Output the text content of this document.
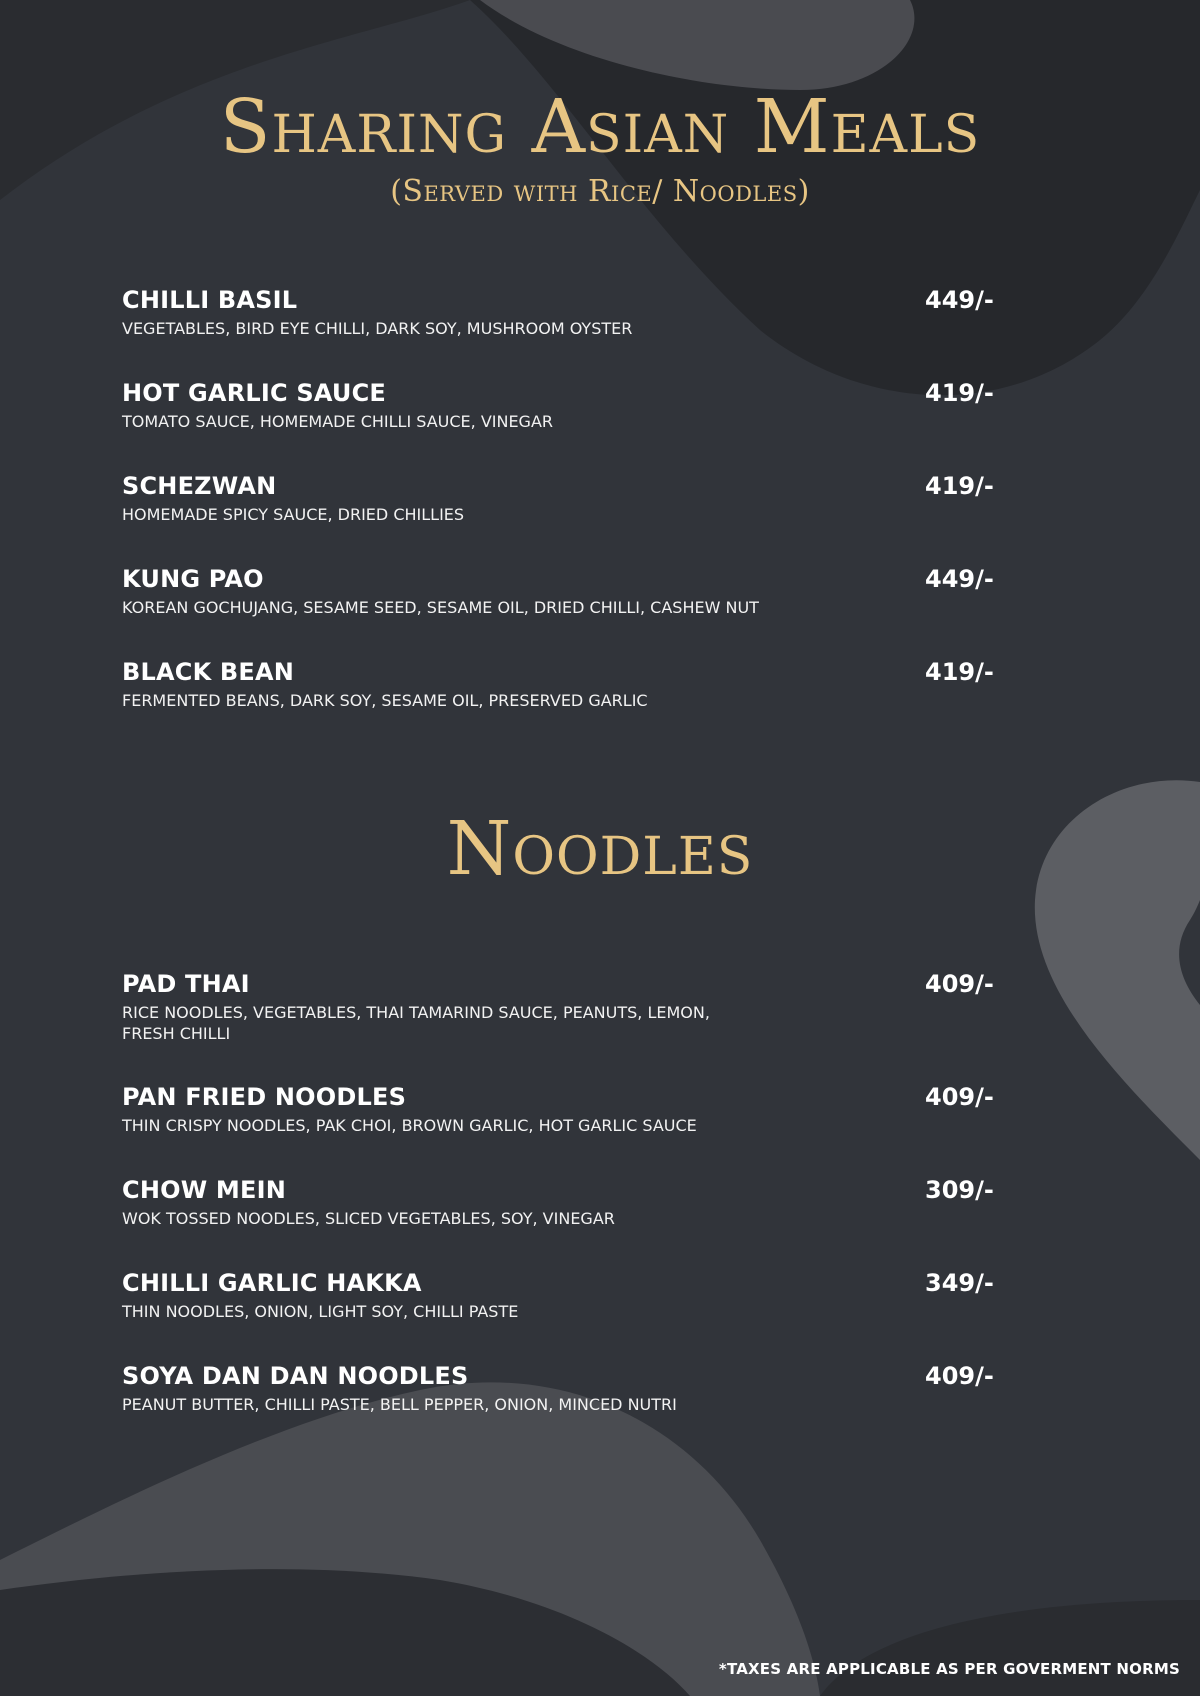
Sharing Asian Meals
(Served with Rice/ Noodles)
CHILLI BASIL	449/-
VEGETABLES, BIRD EYE CHILLI, DARK SOY, MUSHROOM OYSTER
HOT GARLIC SAUCE	419/-
TOMATO SAUCE, HOMEMADE CHILLI SAUCE, VINEGAR
SCHEZWAN	419/-
HOMEMADE SPICY SAUCE, DRIED CHILLIES
KUNG PAO	449/-
KOREAN GOCHUJANG, SESAME SEED, SESAME OIL, DRIED CHILLI, CASHEW NUT
BLACK BEAN	419/-
FERMENTED BEANS, DARK SOY, SESAME OIL, PRESERVED GARLIC
Noodles
PAD THAI	409/-
RICE NOODLES, VEGETABLES, THAI TAMARIND SAUCE, PEANUTS, LEMON, FRESH CHILLI
PAN FRIED NOODLES	409/-
THIN CRISPY NOODLES, PAK CHOI, BROWN GARLIC, HOT GARLIC SAUCE
CHOW MEIN	309/-
WOK TOSSED NOODLES, SLICED VEGETABLES, SOY, VINEGAR
CHILLI GARLIC HAKKA	349/-
THIN NOODLES, ONION, LIGHT SOY, CHILLI PASTE
SOYA DAN DAN NOODLES	409/-
PEANUT BUTTER, CHILLI PASTE, BELL PEPPER, ONION, MINCED NUTRI
*TAXES ARE APPLICABLE AS PER GOVERMENT NORMS
